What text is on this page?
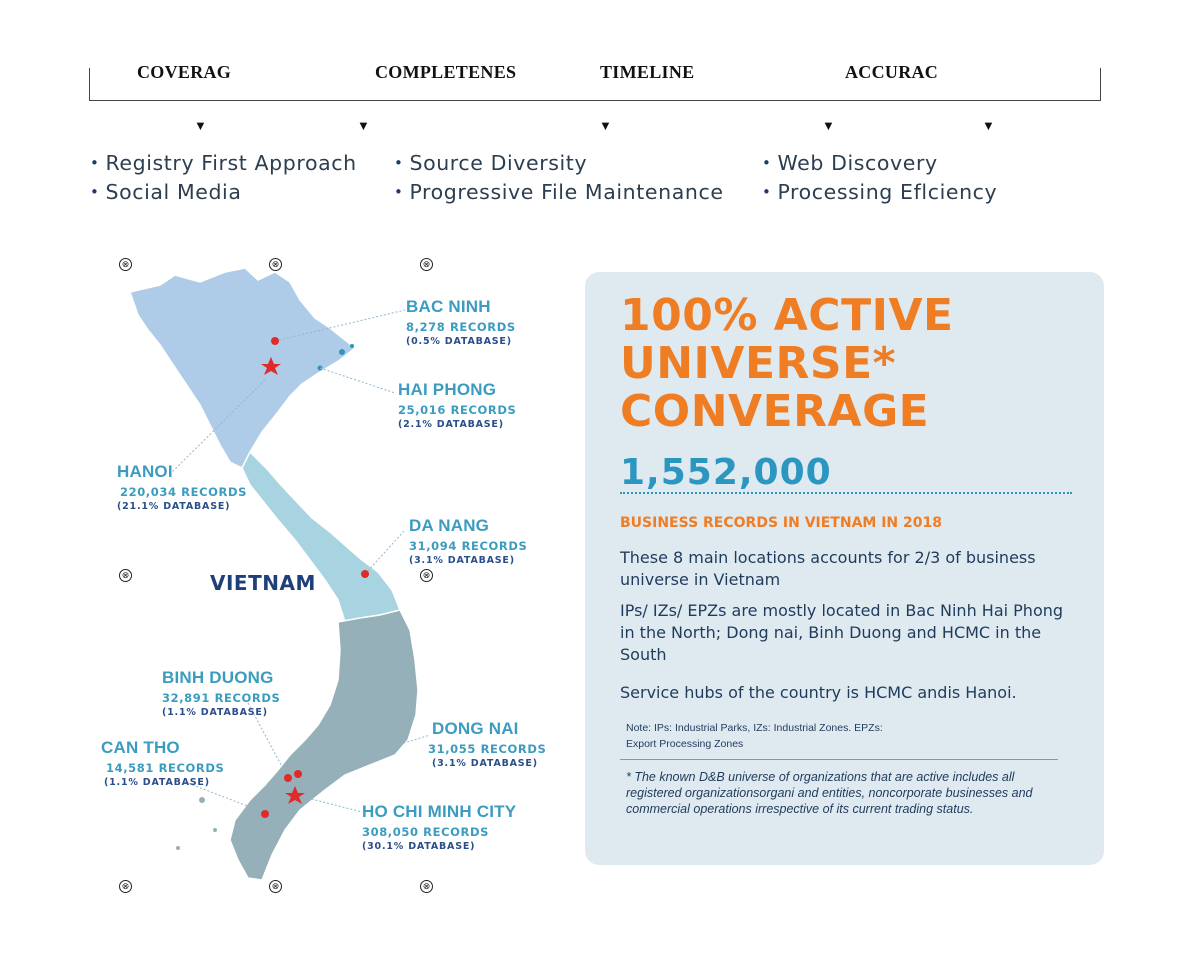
COVERAG	COMPLETENES	TIMELINE	ACCURAC
▼	▼	▼	▼	▼
• Registry First Approach
• Social Media
• Source Diversity
• Progressive File Maintenance
• Web Discovery
• Processing Eflciency
⊗	⊗	⊗
⊗	⊗
⊗	⊗	⊗
BAC NINH
8,278 RECORDS
(0.5% DATABASE)
HAI PHONG
25,016 RECORDS
(2.1% DATABASE)
HANOI
220,034 RECORDS
(21.1% DATABASE)
DA NANG
31,094 RECORDS
(3.1% DATABASE)
VIETNAM
BINH DUONG
32,891 RECORDS
(1.1% DATABASE)
DONG NAI
31,055 RECORDS
(3.1% DATABASE)
CAN THO
14,581 RECORDS
(1.1% DATABASE)
HO CHI MINH CITY
308,050 RECORDS
(30.1% DATABASE)
100% ACTIVE
UNIVERSE*
CONVERAGE
1,552,000
BUSINESS RECORDS IN VIETNAM IN 2018
These 8 main locations accounts for 2/3 of business universe in Vietnam
IPs/ IZs/ EPZs are mostly located in Bac Ninh Hai Phong in the North; Dong nai, Binh Duong and HCMC in the South
Service hubs of the country is HCMC andis Hanoi.
Note: IPs: Industrial Parks, IZs: Industrial Zones. EPZs:
Export Processing Zones
* The known D&B universe of organizations that are active includes all registered organizationsorgani and entities, noncorporate businesses and commercial operations irrespective of its current trading status.
